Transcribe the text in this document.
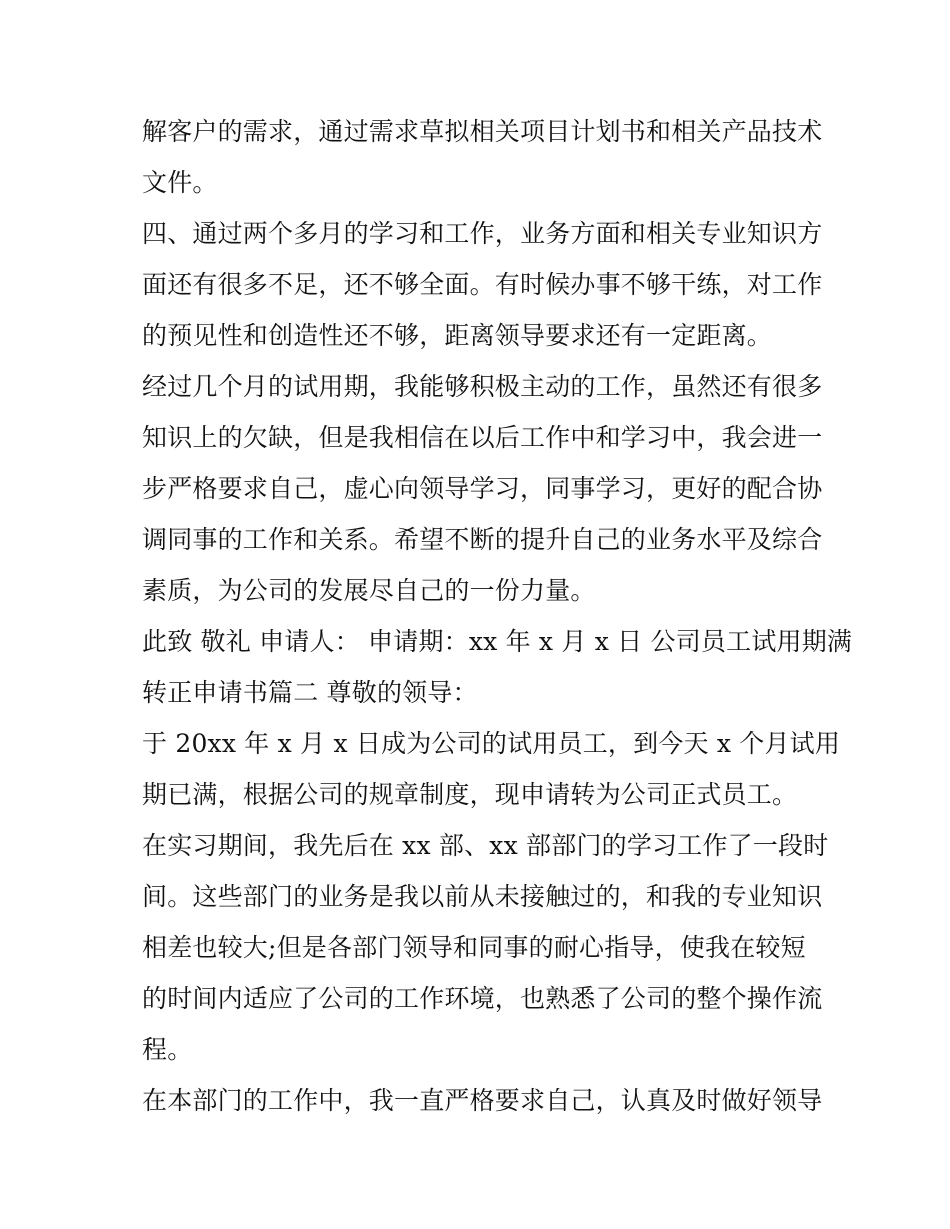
解客户的需求，通过需求草拟相关项目计划书和相关产品技术
文件。
四、通过两个多月的学习和工作，业务方面和相关专业知识方
面还有很多不足，还不够全面。有时候办事不够干练，对工作
的预见性和创造性还不够，距离领导要求还有一定距离。
经过几个月的试用期，我能够积极主动的工作，虽然还有很多
知识上的欠缺，但是我相信在以后工作中和学习中，我会进一
步严格要求自己，虚心向领导学习，同事学习，更好的配合协
调同事的工作和关系。希望不断的提升自己的业务水平及综合
素质，为公司的发展尽自己的一份力量。
此致 敬礼 申请人： 申请期：xx 年 x 月 x 日 公司员工试用期满
转正申请书篇二 尊敬的领导：
于 20xx 年 x 月 x 日成为公司的试用员工，到今天 x 个月试用
期已满，根据公司的规章制度，现申请转为公司正式员工。
在实习期间，我先后在 xx 部、xx 部部门的学习工作了一段时
间。这些部门的业务是我以前从未接触过的，和我的专业知识
相差也较大;但是各部门领导和同事的耐心指导，使我在较短
的时间内适应了公司的工作环境，也熟悉了公司的整个操作流
程。
在本部门的工作中，我一直严格要求自己，认真及时做好领导
